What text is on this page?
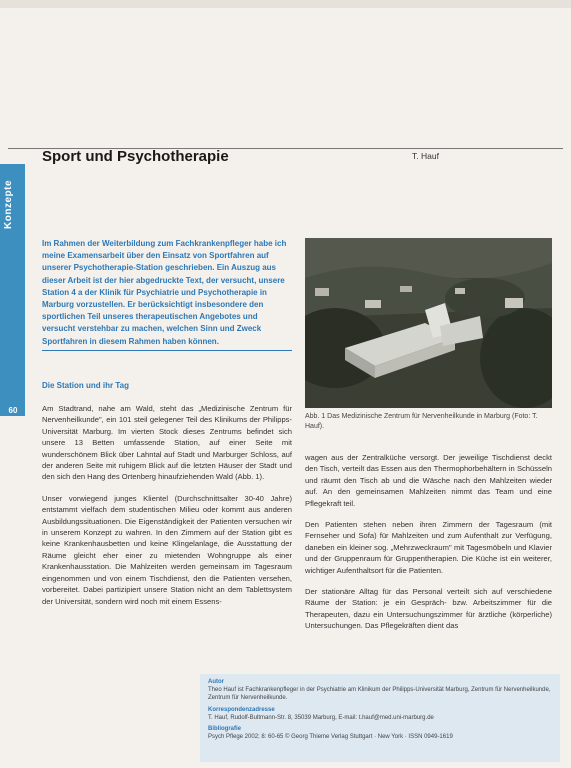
Konzepte
60
Sport und Psychotherapie	T. Hauf
Im Rahmen der Weiterbildung zum Fachkrankenpfleger habe ich meine Examensarbeit über den Einsatz von Sportfahren auf unserer Psychotherapie-Station geschrieben. Ein Auszug aus dieser Arbeit ist der hier abgedruckte Text, der versucht, unsere Station 4 a der Klinik für Psychiatrie und Psychotherapie in Marburg vorzustellen. Er berücksichtigt insbesondere den sportlichen Teil unseres therapeutischen Angebotes und versucht verstehbar zu machen, welchen Sinn und Zweck Sportfahren in diesem Rahmen haben können.
Die Station und ihr Tag

Am Stadtrand, nahe am Wald, steht das „Medizinische Zentrum für Nervenheilkunde", ein 101 steil gelegener Teil des Klinikums der Philipps-Universität Marburg. Im vierten Stock dieses Zentrums befindet sich unsere 13 Betten umfassende Station, auf einer Seite mit wunderschönem Blick über Lahntal auf Stadt und Marburger Schloss, auf der anderen Seite mit ruhigem Blick auf die letzten Häuser der Stadt und den sich den Hang des Ortenberg hinaufziehenden Wald (Abb. 1).

Unser vorwiegend junges Klientel (Durchschnittsalter 30-40 Jahre) entstammt vielfach dem studentischen Milieu oder kommt aus anderen Ausbildungssituationen. Die Eigenständigkeit der Patienten versuchen wir in unserem Konzept zu wahren. In den Zimmern auf der Station gibt es keine Krankenhausbetten und keine Klingelanlage, die Ausstattung der Räume gleicht eher einer zu mietenden Wohngruppe als einer Krankenhausstation. Die Mahlzeiten werden gemeinsam im Tagesraum eingenommen und von einem Tischdienst, den die Patienten versehen, vorbereitet. Dabei partizipiert unsere Station nicht an dem Tablettsystem der Universität, sondern wird noch mit einem Essens-

Abb. 1 Das Medizinische Zentrum für Nervenheilkunde in Marburg (Foto: T. Hauf).

wagen aus der Zentralküche versorgt. Der jeweilige Tischdienst deckt den Tisch, verteilt das Essen aus den Thermophorbehältern in Schüsseln und räumt den Tisch ab und die Wäsche nach den Mahlzeiten wieder auf. An den gemeinsamen Mahlzeiten nimmt das Team und eine Pflegekraft teil.

Den Patienten stehen neben ihren Zimmern der Tagesraum (mit Fernseher und Sofa) für Mahlzeiten und zum Aufenthalt zur Verfügung, daneben ein kleiner sog. „Mehrzweckraum" mit Tagesmöbeln und Klavier und der Gruppenraum für Gruppentherapien. Die Küche ist ein weiterer, wichtiger Aufenthaltsort für die Patienten.

Der stationäre Alltag für das Personal verteilt sich auf verschiedene Räume der Station: je ein Gespräch- bzw. Arbeitszimmer für die Therapeuten, dazu ein Untersuchungszimmer für ärztliche (körperliche) Untersuchungen. Das Pflegekräften dient das

Autor
Theo Hauf ist Fachkrankenpfleger in der Psychiatrie am Klinikum der Philipps-Universität Marburg, Zentrum für Nervenheilkunde, Zentrum für Nervenheilkunde.
Korrespondenzadresse
T. Hauf, Rudolf-Bultmann-Str. 8, 35039 Marburg, E-mail: t.hauf@med.uni-marburg.de
Bibliografie
Psych Pflege 2002; 8: 60-65 © Georg Thieme Verlag Stuttgart · New York · ISSN 0949-1619
